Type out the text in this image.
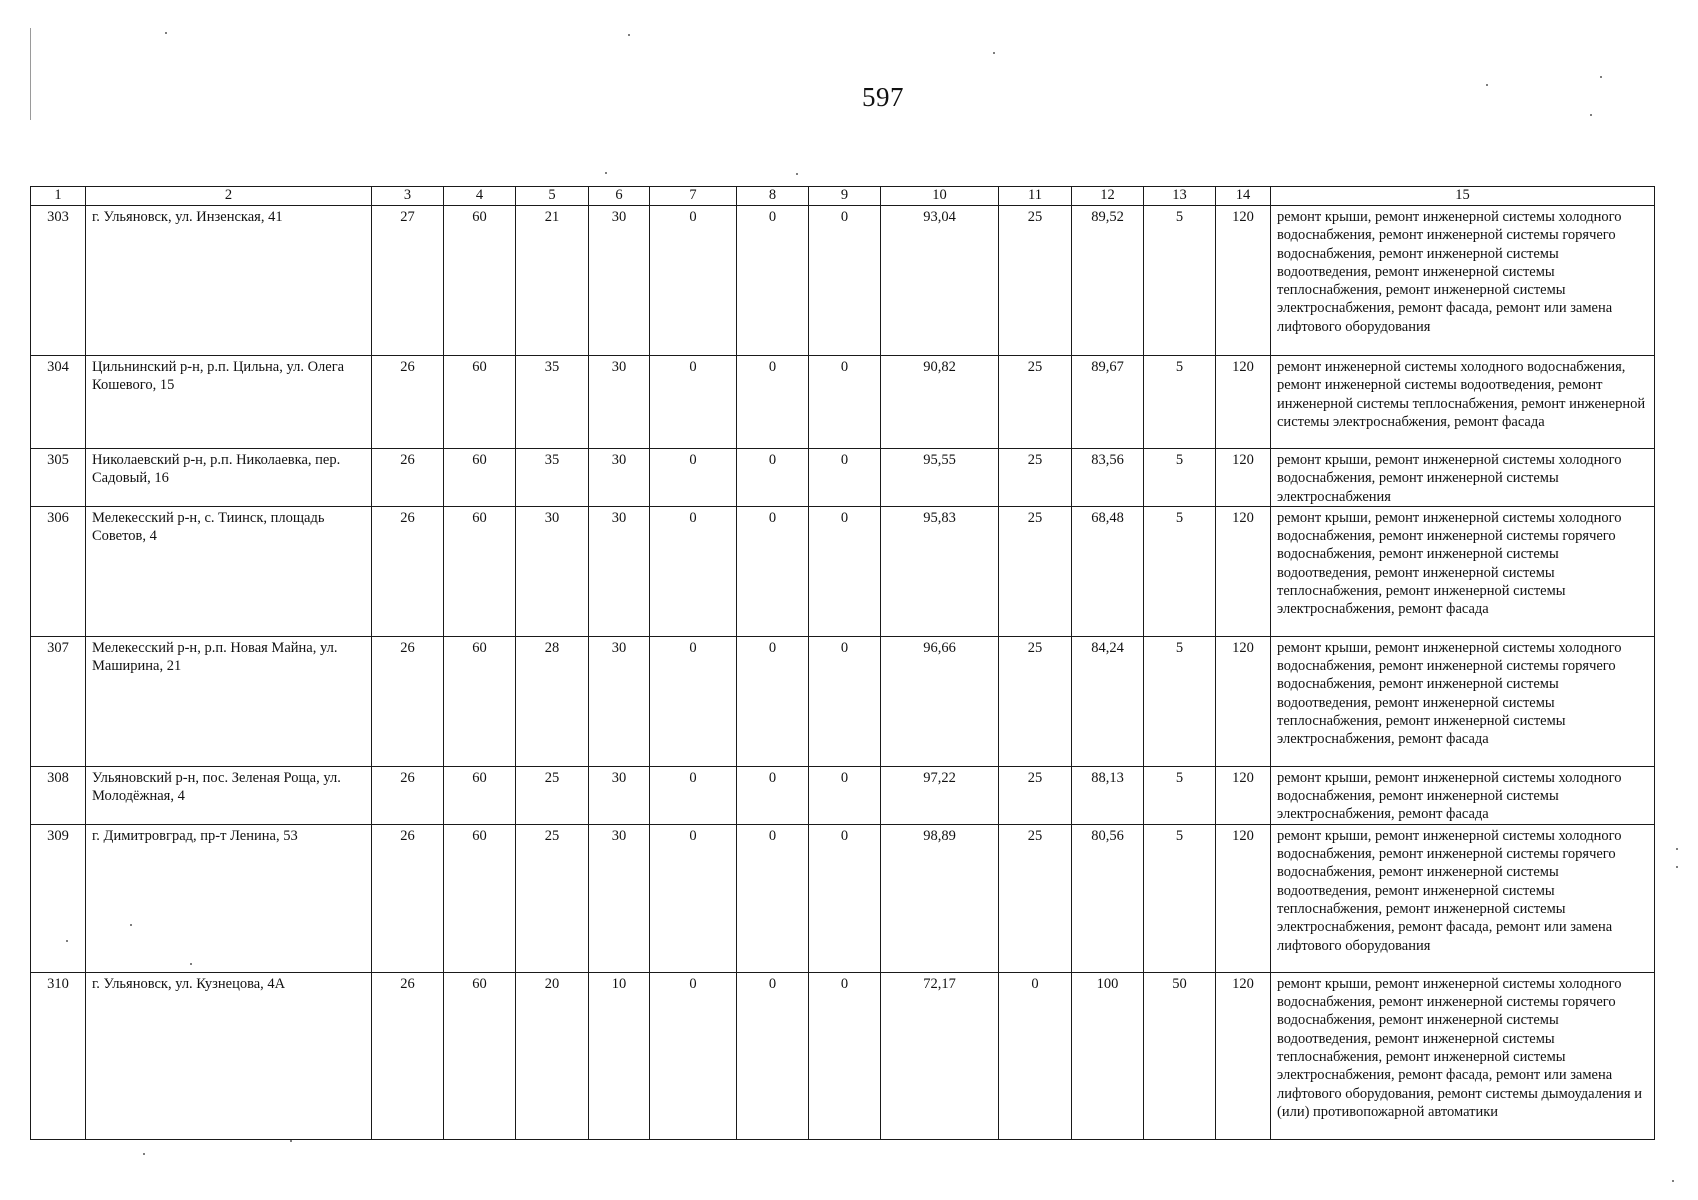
597
1	2	3	4	5	6	7	8	9	10	11	12	13	14	15
303	г. Ульяновск, ул. Инзенская, 41	27	60	21	30	0	0	0	93,04	25	89,52	5	120	ремонт крыши, ремонт инженерной системы холодного водоснабжения, ремонт инженерной системы горячего водоснабжения, ремонт инженерной системы водоотведения, ремонт инженерной системы теплоснабжения, ремонт инженерной системы электроснабжения, ремонт фасада, ремонт или замена лифтового оборудования
304	Цильнинский р-н, р.п. Цильна, ул. Олега Кошевого, 15	26	60	35	30	0	0	0	90,82	25	89,67	5	120	ремонт инженерной системы холодного водоснабжения, ремонт инженерной системы водоотведения, ремонт инженерной системы теплоснабжения, ремонт инженерной системы электроснабжения, ремонт фасада
305	Николаевский р-н, р.п. Николаевка, пер. Садовый, 16	26	60	35	30	0	0	0	95,55	25	83,56	5	120	ремонт крыши, ремонт инженерной системы холодного водоснабжения, ремонт инженерной системы электроснабжения
306	Мелекесский р-н, с. Тиинск, площадь Советов, 4	26	60	30	30	0	0	0	95,83	25	68,48	5	120	ремонт крыши, ремонт инженерной системы холодного водоснабжения, ремонт инженерной системы горячего водоснабжения, ремонт инженерной системы водоотведения, ремонт инженерной системы теплоснабжения, ремонт инженерной системы электроснабжения, ремонт фасада
307	Мелекесский р-н, р.п. Новая Майна, ул. Маширина, 21	26	60	28	30	0	0	0	96,66	25	84,24	5	120	ремонт крыши, ремонт инженерной системы холодного водоснабжения, ремонт инженерной системы горячего водоснабжения, ремонт инженерной системы водоотведения, ремонт инженерной системы теплоснабжения, ремонт инженерной системы электроснабжения, ремонт фасада
308	Ульяновский р-н, пос. Зеленая Роща, ул. Молодёжная, 4	26	60	25	30	0	0	0	97,22	25	88,13	5	120	ремонт крыши, ремонт инженерной системы холодного водоснабжения, ремонт инженерной системы электроснабжения, ремонт фасада
309	г. Димитровград, пр-т Ленина, 53	26	60	25	30	0	0	0	98,89	25	80,56	5	120	ремонт крыши, ремонт инженерной системы холодного водоснабжения, ремонт инженерной системы горячего водоснабжения, ремонт инженерной системы водоотведения, ремонт инженерной системы теплоснабжения, ремонт инженерной системы электроснабжения, ремонт фасада, ремонт или замена лифтового оборудования
310	г. Ульяновск, ул. Кузнецова, 4А	26	60	20	10	0	0	0	72,17	0	100	50	120	ремонт крыши, ремонт инженерной системы холодного водоснабжения, ремонт инженерной системы горячего водоснабжения, ремонт инженерной системы водоотведения, ремонт инженерной системы теплоснабжения, ремонт инженерной системы электроснабжения, ремонт фасада, ремонт или замена лифтового оборудования, ремонт системы дымоудаления и (или) противопожарной автоматики
